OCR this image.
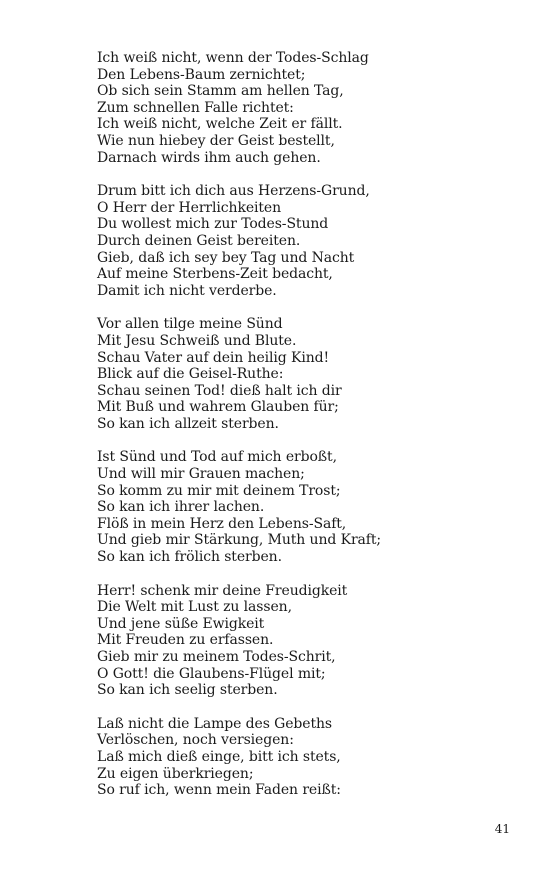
Ich weiß nicht, wenn der Todes-Schlag
Den Lebens-Baum zernichtet;
Ob sich sein Stamm am hellen Tag,
Zum schnellen Falle richtet:
Ich weiß nicht, welche Zeit er fällt.
Wie nun hiebey der Geist bestellt,
Darnach wirds ihm auch gehen.
Drum bitt ich dich aus Herzens-Grund,
O Herr der Herrlichkeiten
Du wollest mich zur Todes-Stund
Durch deinen Geist bereiten.
Gieb, daß ich sey bey Tag und Nacht
Auf meine Sterbens-Zeit bedacht,
Damit ich nicht verderbe.
Vor allen tilge meine Sünd
Mit Jesu Schweiß und Blute.
Schau Vater auf dein heilig Kind!
Blick auf die Geisel-Ruthe:
Schau seinen Tod! dieß halt ich dir
Mit Buß und wahrem Glauben für;
So kan ich allzeit sterben.
Ist Sünd und Tod auf mich erboßt,
Und will mir Grauen machen;
So komm zu mir mit deinem Trost;
So kan ich ihrer lachen.
Flöß in mein Herz den Lebens-Saft,
Und gieb mir Stärkung, Muth und Kraft;
So kan ich frölich sterben.
Herr! schenk mir deine Freudigkeit
Die Welt mit Lust zu lassen,
Und jene süße Ewigkeit
Mit Freuden zu erfassen.
Gieb mir zu meinem Todes-Schrit,
O Gott! die Glaubens-Flügel mit;
So kan ich seelig sterben.
Laß nicht die Lampe des Gebeths
Verlöschen, noch versiegen:
Laß mich dieß einge, bitt ich stets,
Zu eigen überkriegen;
So ruf ich, wenn mein Faden reißt:
41
